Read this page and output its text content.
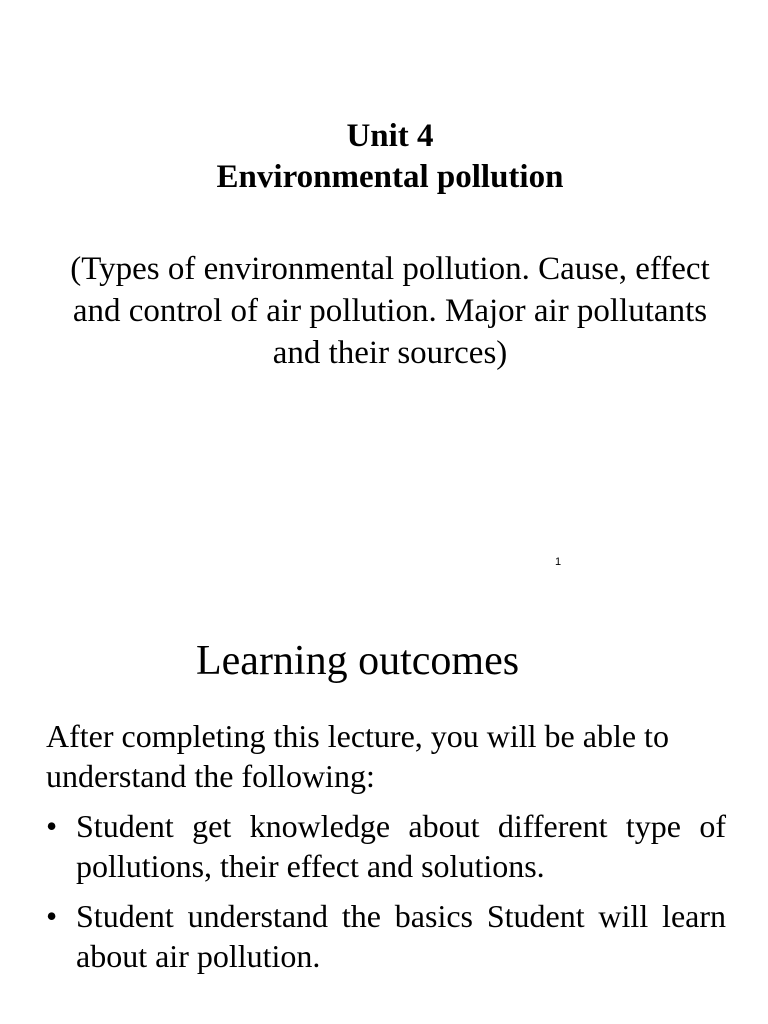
Unit 4
Environmental pollution
(Types of environmental pollution. Cause, effect and control of air pollution. Major air pollutants and their sources)
1
Learning outcomes
After completing this lecture, you will be able to understand the following:
• Student get knowledge about different type of pollutions, their effect and solutions.
• Student understand the basics Student will learn about air pollution.
